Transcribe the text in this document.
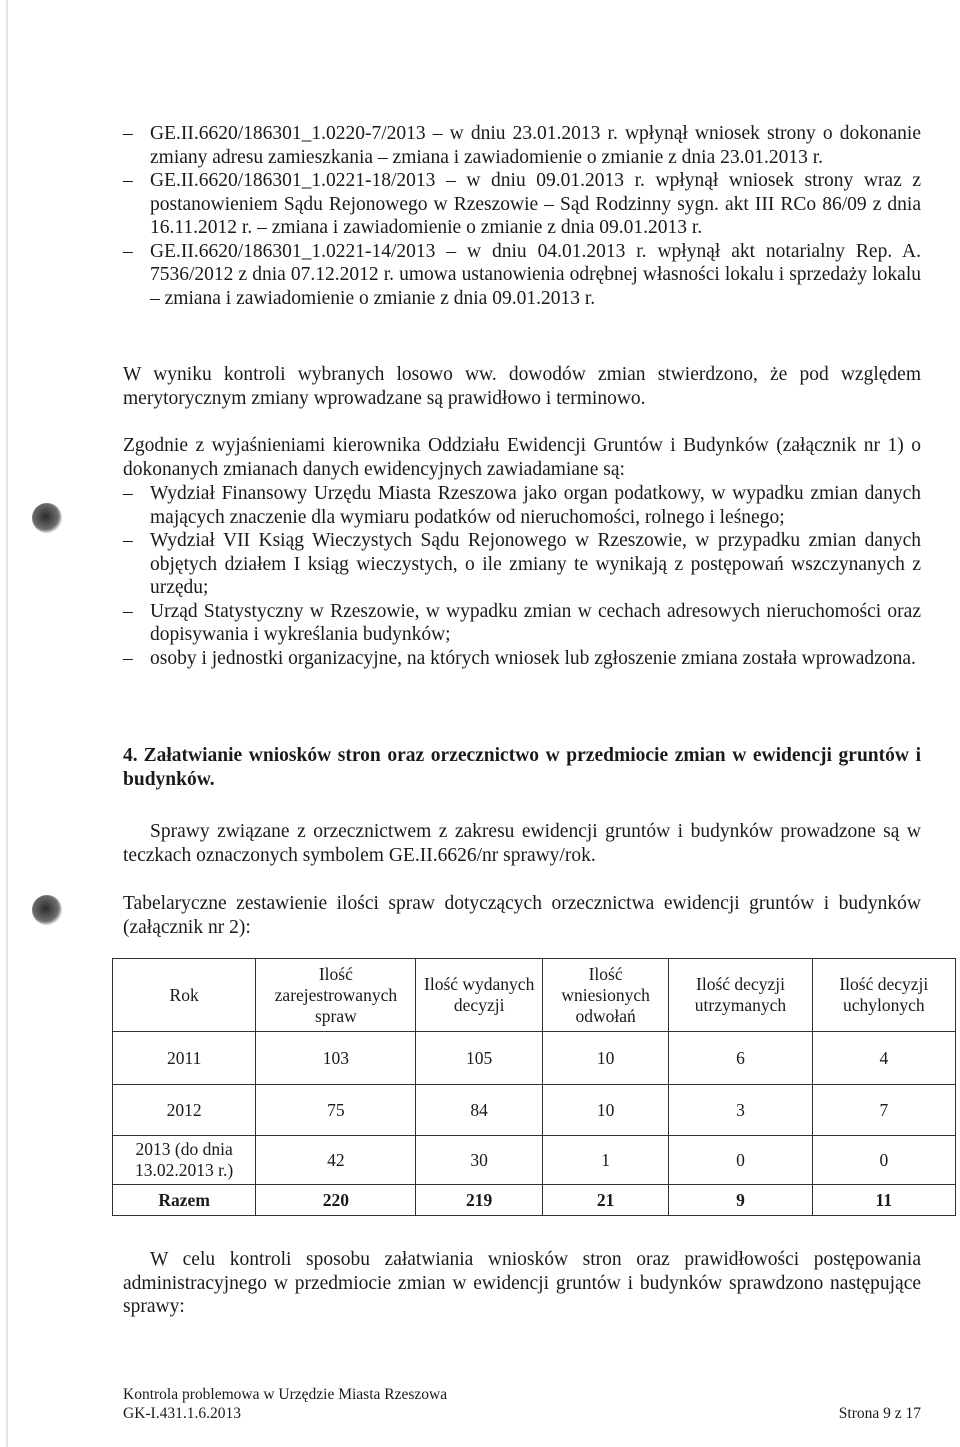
– GE.II.6620/186301_1.0220-7/2013 – w dniu 23.01.2013 r. wpłynął wniosek strony o dokonanie zmiany adresu zamieszkania – zmiana i zawiadomienie o zmianie z dnia 23.01.2013 r.
– GE.II.6620/186301_1.0221-18/2013 – w dniu 09.01.2013 r. wpłynął wniosek strony wraz z postanowieniem Sądu Rejonowego w Rzeszowie – Sąd Rodzinny sygn. akt III RCo 86/09 z dnia 16.11.2012 r. – zmiana i zawiadomienie o zmianie z dnia 09.01.2013 r.
– GE.II.6620/186301_1.0221-14/2013 – w dniu 04.01.2013 r. wpłynął akt notarialny Rep. A. 7536/2012 z dnia 07.12.2012 r. umowa ustanowienia odrębnej własności lokalu i sprzedaży lokalu – zmiana i zawiadomienie o zmianie z dnia 09.01.2013 r.

W wyniku kontroli wybranych losowo ww. dowodów zmian stwierdzono, że pod względem merytorycznym zmiany wprowadzane są prawidłowo i terminowo.

Zgodnie z wyjaśnieniami kierownika Oddziału Ewidencji Gruntów i Budynków (załącznik nr 1) o dokonanych zmianach danych ewidencyjnych zawiadamiane są:

– Wydział Finansowy Urzędu Miasta Rzeszowa jako organ podatkowy, w wypadku zmian danych mających znaczenie dla wymiaru podatków od nieruchomości, rolnego i leśnego;
– Wydział VII Ksiąg Wieczystych Sądu Rejonowego w Rzeszowie, w przypadku zmian danych objętych działem I ksiąg wieczystych, o ile zmiany te wynikają z postępowań wszczynanych z urzędu;
– Urząd Statystyczny w Rzeszowie, w wypadku zmian w cechach adresowych nieruchomości oraz dopisywania i wykreślania budynków;
– osoby i jednostki organizacyjne, na których wniosek lub zgłoszenie zmiana została wprowadzona.

4. Załatwianie wniosków stron oraz orzecznictwo w przedmiocie zmian w ewidencji gruntów i budynków.

Sprawy związane z orzecznictwem z zakresu ewidencji gruntów i budynków prowadzone są w teczkach oznaczonych symbolem GE.II.6626/nr sprawy/rok.

Tabelaryczne zestawienie ilości spraw dotyczących orzecznictwa ewidencji gruntów i budynków (załącznik nr 2):

Rok	Ilość zarejestrowanych spraw	Ilość wydanych decyzji	Ilość wniesionych odwołań	Ilość decyzji utrzymanych	Ilość decyzji uchylonych
2011	103	105	10	6	4
2012	75	84	10	3	7
2013 (do dnia 13.02.2013 r.)	42	30	1	0	0
Razem	220	219	21	9	11

W celu kontroli sposobu załatwiania wniosków stron oraz prawidłowości postępowania administracyjnego w przedmiocie zmian w ewidencji gruntów i budynków sprawdzono następujące sprawy:

Kontrola problemowa w Urzędzie Miasta Rzeszowa
GK-I.431.1.6.2013	Strona 9 z 17
